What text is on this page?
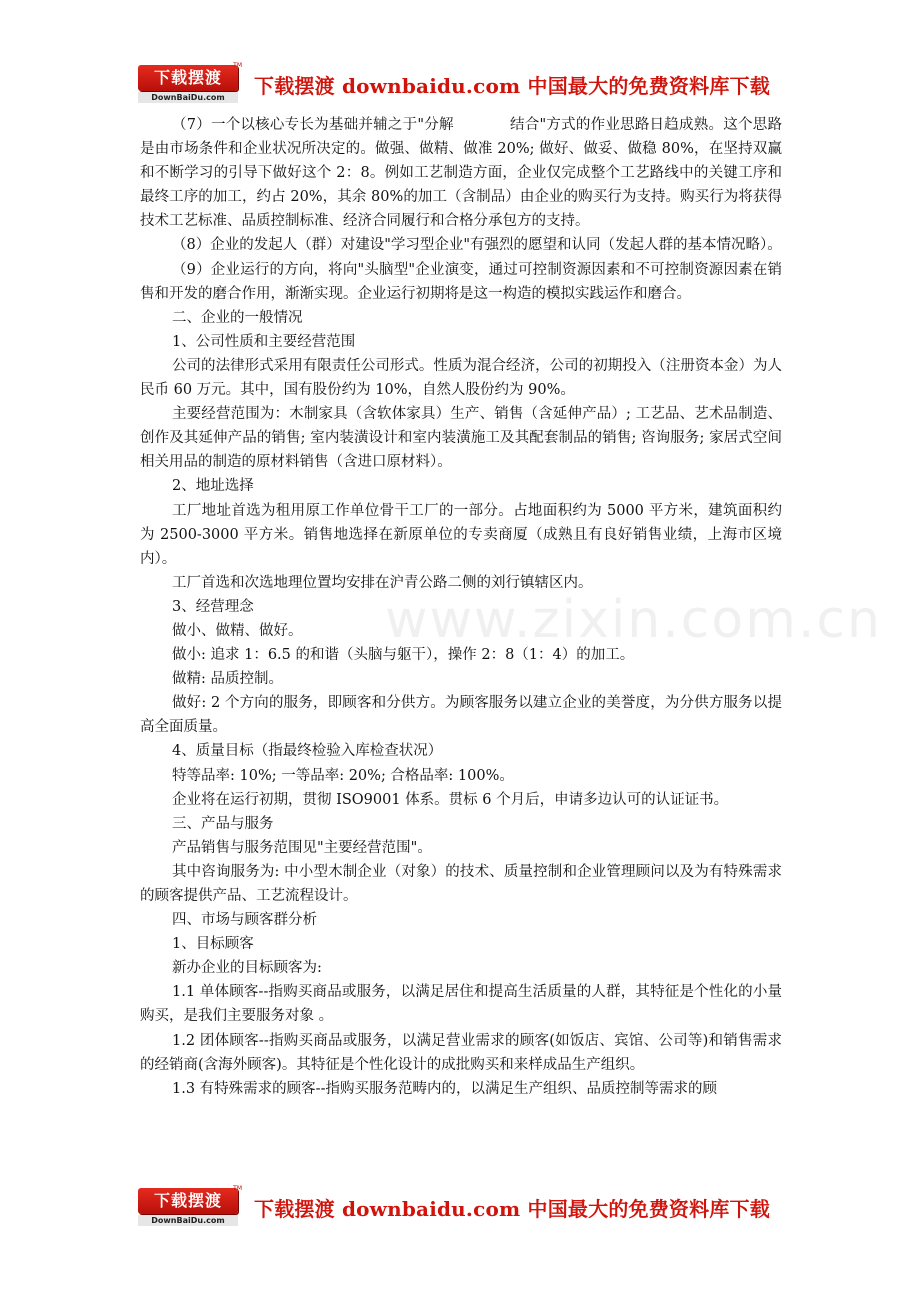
下载摆渡
TM
DownBaiDu.com	下载摆渡 downbaidu.com 中国最大的免费资料库下载
www.zixin.com.cn

（7）一个以核心专长为基础并辅之于"分解	结合"方式的作业思路日趋成熟。这个思路是由市场条件和企业状况所决定的。做强、做精、做准 20%; 做好、做妥、做稳 80%，在坚持双赢和不断学习的引导下做好这个 2：8。例如工艺制造方面，企业仅完成整个工艺路线中的关键工序和最终工序的加工，约占 20%，其余 80%的加工（含制品）由企业的购买行为支持。购买行为将获得技术工艺标准、品质控制标准、经济合同履行和合格分承包方的支持。

（8）企业的发起人（群）对建设"学习型企业"有强烈的愿望和认同（发起人群的基本情况略）。

（9）企业运行的方向，将向"头脑型"企业演变，通过可控制资源因素和不可控制资源因素在销售和开发的磨合作用，渐渐实现。企业运行初期将是这一构造的模拟实践运作和磨合。

二、企业的一般情况

1、公司性质和主要经营范围

公司的法律形式采用有限责任公司形式。性质为混合经济，公司的初期投入（注册资本金）为人民币 60 万元。其中，国有股份约为 10%，自然人股份约为 90%。

主要经营范围为：木制家具（含软体家具）生产、销售（含延伸产品）; 工艺品、艺术品制造、创作及其延伸产品的销售; 室内装潢设计和室内装潢施工及其配套制品的销售; 咨询服务; 家居式空间相关用品的制造的原材料销售（含进口原材料）。

2、地址选择

工厂地址首选为租用原工作单位骨干工厂的一部分。占地面积约为 5000 平方米，建筑面积约为 2500-3000 平方米。销售地选择在新原单位的专卖商厦（成熟且有良好销售业绩，上海市区境内）。

工厂首选和次选地理位置均安排在沪青公路二侧的刘行镇辖区内。

3、经营理念

做小、做精、做好。

做小: 追求 1：6.5 的和谐（头脑与躯干），操作 2：8（1：4）的加工。

做精: 品质控制。

做好: 2 个方向的服务，即顾客和分供方。为顾客服务以建立企业的美誉度，为分供方服务以提高全面质量。

4、质量目标（指最终检验入库检查状况）

特等品率: 10%; 一等品率: 20%; 合格品率: 100%。

企业将在运行初期，贯彻 ISO9001 体系。贯标 6 个月后，申请多边认可的认证证书。

三、产品与服务

产品销售与服务范围见"主要经营范围"。

其中咨询服务为: 中小型木制企业（对象）的技术、质量控制和企业管理顾问以及为有特殊需求的顾客提供产品、工艺流程设计。

四、市场与顾客群分析

1、目标顾客

新办企业的目标顾客为:

1.1 单体顾客--指购买商品或服务，以满足居住和提高生活质量的人群，其特征是个性化的小量购买，是我们主要服务对象 。

1.2 团体顾客--指购买商品或服务，以满足营业需求的顾客(如饭店、宾馆、公司等)和销售需求的经销商(含海外顾客)。其特征是个性化设计的成批购买和来样成品生产组织。

1.3 有特殊需求的顾客--指购买服务范畴内的，以满足生产组织、品质控制等需求的顾

下载摆渡
TM
DownBaiDu.com	下载摆渡 downbaidu.com 中国最大的免费资料库下载
